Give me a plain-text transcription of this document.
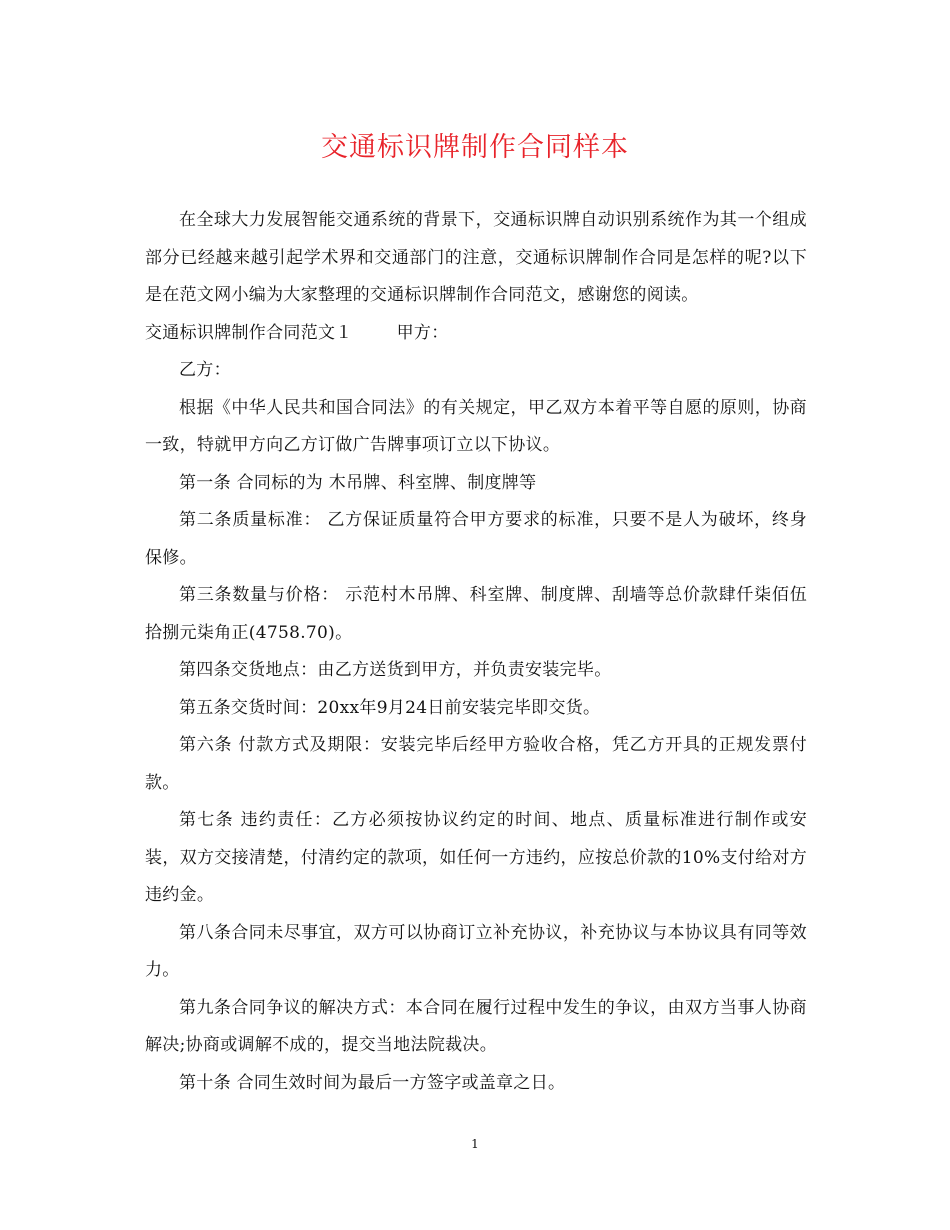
交通标识牌制作合同样本

在全球大力发展智能交通系统的背景下，交通标识牌自动识别系统作为其一个组成部分已经越来越引起学术界和交通部门的注意，交通标识牌制作合同是怎样的呢?以下是在范文网小编为大家整理的交通标识牌制作合同范文，感谢您的阅读。

交通标识牌制作合同范文１	甲方：

乙方：

根据《中华人民共和国合同法》的有关规定，甲乙双方本着平等自愿的原则，协商一致，特就甲方向乙方订做广告牌事项订立以下协议。

第一条 合同标的为 木吊牌、科室牌、制度牌等

第二条质量标准： 乙方保证质量符合甲方要求的标准，只要不是人为破坏，终身保修。

第三条数量与价格： 示范村木吊牌、科室牌、制度牌、刮墙等总价款肆仟柒佰伍拾捌元柒角正(4758.70)。

第四条交货地点：由乙方送货到甲方，并负责安装完毕。

第五条交货时间：20xx年9月24日前安装完毕即交货。

第六条 付款方式及期限：安装完毕后经甲方验收合格，凭乙方开具的正规发票付款。

第七条 违约责任：乙方必须按协议约定的时间、地点、质量标准进行制作或安装，双方交接清楚，付清约定的款项，如任何一方违约，应按总价款的10%支付给对方违约金。

第八条合同未尽事宜，双方可以协商订立补充协议，补充协议与本协议具有同等效力。

第九条合同争议的解决方式：本合同在履行过程中发生的争议，由双方当事人协商解决;协商或调解不成的，提交当地法院裁决。

第十条 合同生效时间为最后一方签字或盖章之日。

1
